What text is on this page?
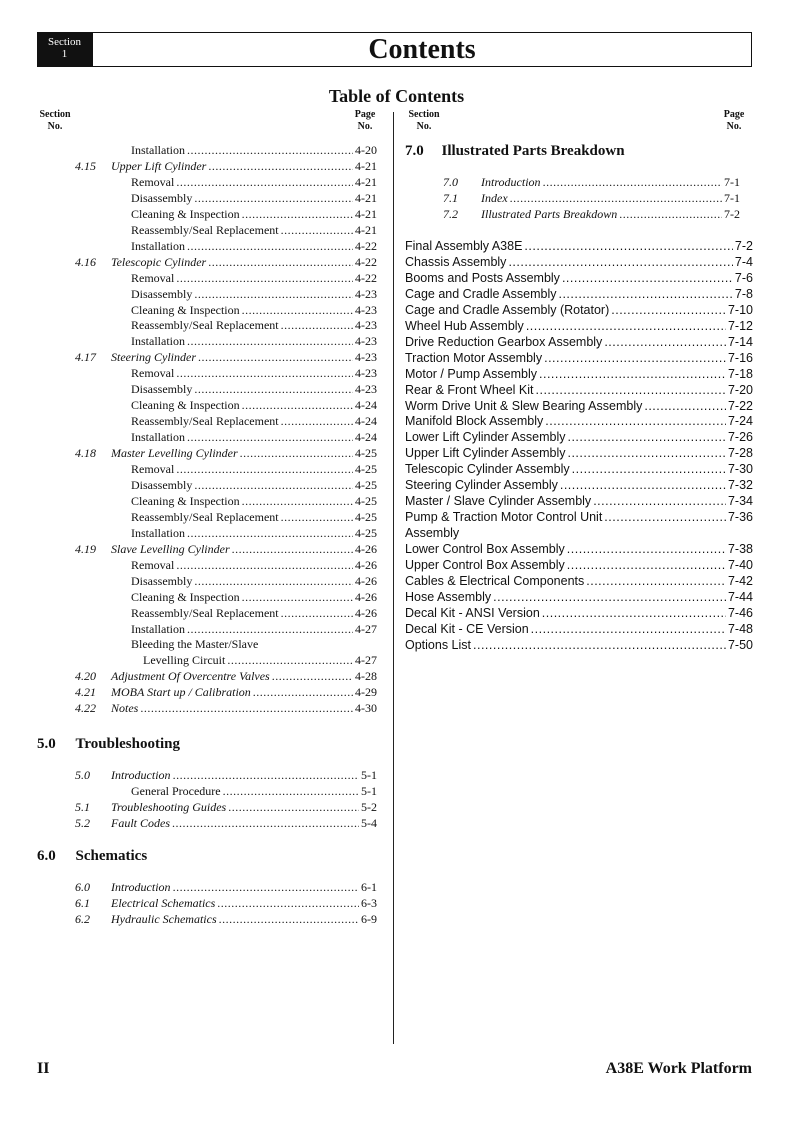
Section
1	Contents
Table of Contents
Section
No.
Page
No.
Section
No.
Page
No.
Installation .....	4-20
4.15 Upper Lift Cylinder .....	4-21
Removal .....	4-21
Disassembly .....	4-21
Cleaning & Inspection .....	4-21
Reassembly/Seal Replacement .....	4-21
Installation .....	4-22
4.16 Telescopic Cylinder .....	4-22
Removal .....	4-22
Disassembly .....	4-23
Cleaning & Inspection .....	4-23
Reassembly/Seal Replacement .....	4-23
Installation .....	4-23
4.17 Steering Cylinder .....	4-23
Removal .....	4-23
Disassembly .....	4-23
Cleaning & Inspection .....	4-24
Reassembly/Seal Replacement .....	4-24
Installation .....	4-24
4.18 Master Levelling Cylinder .....	4-25
Removal .....	4-25
Disassembly .....	4-25
Cleaning & Inspection .....	4-25
Reassembly/Seal Replacement .....	4-25
Installation .....	4-25
4.19 Slave Levelling Cylinder .....	4-26
Removal .....	4-26
Disassembly .....	4-26
Cleaning & Inspection .....	4-26
Reassembly/Seal Replacement .....	4-26
Installation .....	4-27
Bleeding the Master/Slave
Levelling Circuit .....	4-27
4.20 Adjustment Of Overcentre Valves .....	4-28
4.21 MOBA Start up / Calibration .....	4-29
4.22 Notes .....	4-30
5.0 Troubleshooting
5.0 Introduction .....	5-1
General Procedure .....	5-1
5.1 Troubleshooting Guides .....	5-2
5.2 Fault Codes .....	5-4
6.0 Schematics
6.0 Introduction .....	6-1
6.1 Electrical Schematics .....	6-3
6.2 Hydraulic Schematics .....	6-9
7.0 Illustrated Parts Breakdown
7.0 Introduction .....	7-1
7.1 Index .....	7-1
7.2 Illustrated Parts Breakdown .....	7-2
Final Assembly A38E .....	7-2
Chassis Assembly .....	7-4
Booms and Posts Assembly .....	7-6
Cage and Cradle Assembly .....	7-8
Cage and Cradle Assembly (Rotator) .....	7-10
Wheel Hub Assembly .....	7-12
Drive Reduction Gearbox Assembly .....	7-14
Traction Motor Assembly .....	7-16
Motor / Pump Assembly .....	7-18
Rear & Front Wheel Kit .....	7-20
Worm Drive Unit & Slew Bearing Assembly .....	7-22
Manifold Block Assembly .....	7-24
Lower Lift Cylinder Assembly .....	7-26
Upper Lift Cylinder Assembly .....	7-28
Telescopic Cylinder Assembly .....	7-30
Steering Cylinder Assembly .....	7-32
Master / Slave Cylinder Assembly .....	7-34
Pump & Traction Motor Control Unit .....	7-36
Assembly
Lower Control Box Assembly .....	7-38
Upper Control Box Assembly .....	7-40
Cables & Electrical Components .....	7-42
Hose Assembly .....	7-44
Decal Kit - ANSI Version .....	7-46
Decal Kit - CE Version .....	7-48
Options List .....	7-50
II	A38E Work Platform
